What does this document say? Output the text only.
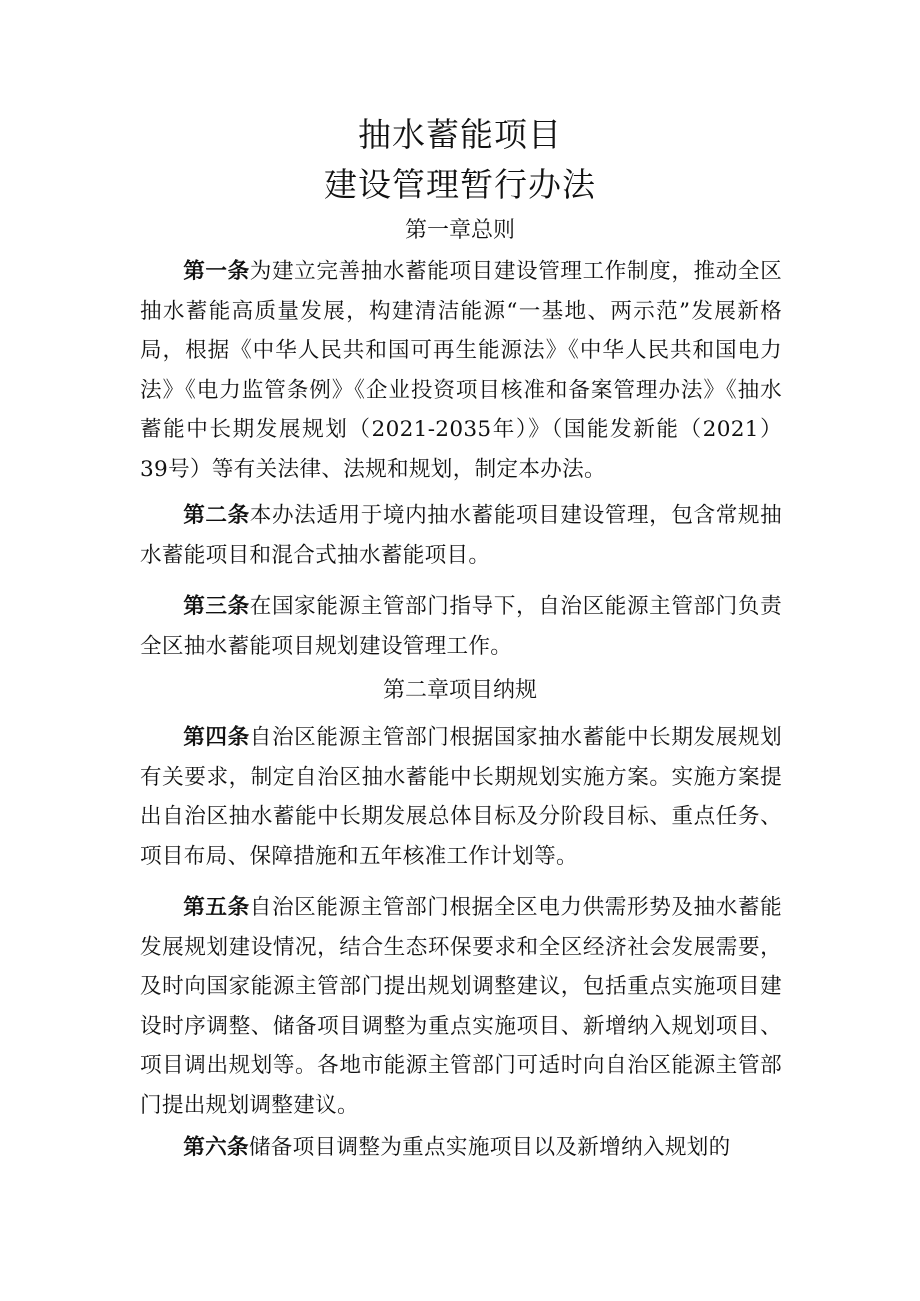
抽水蓄能项目
建设管理暂行办法
第一章总则

第一条为建立完善抽水蓄能项目建设管理工作制度，推动全区抽水蓄能高质量发展，构建清洁能源“一基地、两示范”发展新格局，根据《中华人民共和国可再生能源法》《中华人民共和国电力法》《电力监管条例》《企业投资项目核准和备案管理办法》《抽水蓄能中长期发展规划（2021-2035年）》（国能发新能（2021）39号）等有关法律、法规和规划，制定本办法。

第二条本办法适用于境内抽水蓄能项目建设管理，包含常规抽水蓄能项目和混合式抽水蓄能项目。

第三条在国家能源主管部门指导下，自治区能源主管部门负责全区抽水蓄能项目规划建设管理工作。

第二章项目纳规

第四条自治区能源主管部门根据国家抽水蓄能中长期发展规划有关要求，制定自治区抽水蓄能中长期规划实施方案。实施方案提出自治区抽水蓄能中长期发展总体目标及分阶段目标、重点任务、项目布局、保障措施和五年核准工作计划等。

第五条自治区能源主管部门根据全区电力供需形势及抽水蓄能发展规划建设情况，结合生态环保要求和全区经济社会发展需要，及时向国家能源主管部门提出规划调整建议，包括重点实施项目建设时序调整、储备项目调整为重点实施项目、新增纳入规划项目、项目调出规划等。各地市能源主管部门可适时向自治区能源主管部门提出规划调整建议。

第六条储备项目调整为重点实施项目以及新增纳入规划的
